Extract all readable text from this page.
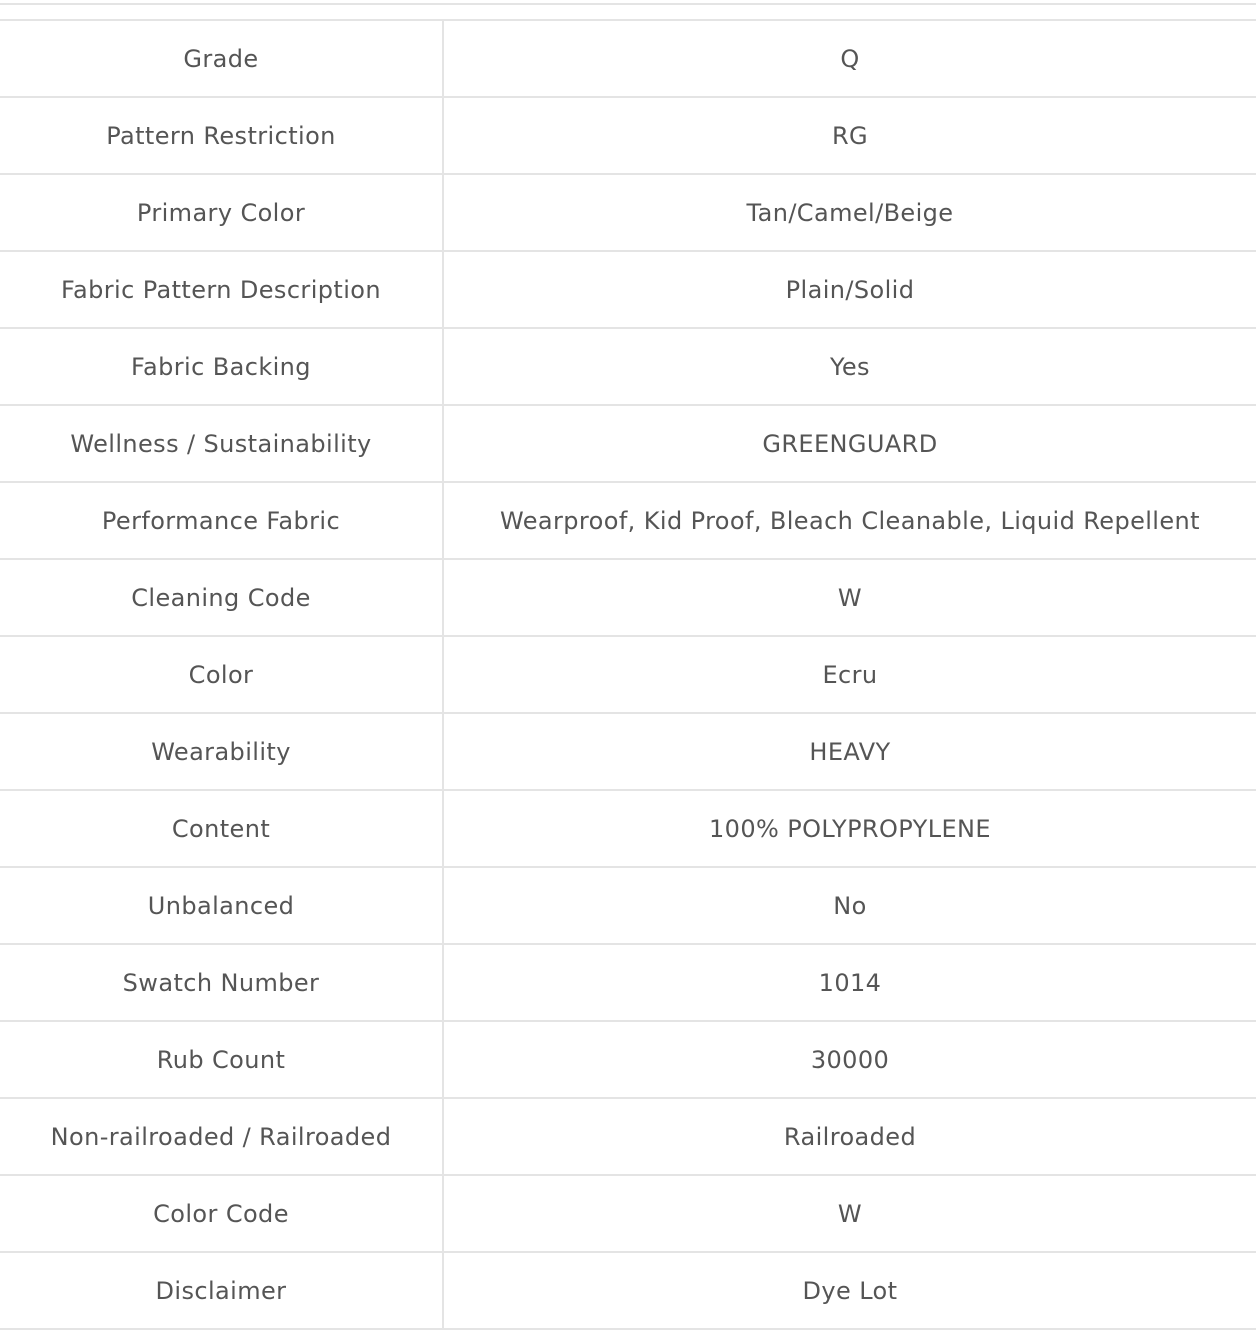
Grade	Q
Pattern Restriction	RG
Primary Color	Tan/Camel/Beige
Fabric Pattern Description	Plain/Solid
Fabric Backing	Yes
Wellness / Sustainability	GREENGUARD
Performance Fabric	Wearproof, Kid Proof, Bleach Cleanable, Liquid Repellent
Cleaning Code	W
Color	Ecru
Wearability	HEAVY
Content	100% POLYPROPYLENE
Unbalanced	No
Swatch Number	1014
Rub Count	30000
Non-railroaded / Railroaded	Railroaded
Color Code	W
Disclaimer	Dye Lot
